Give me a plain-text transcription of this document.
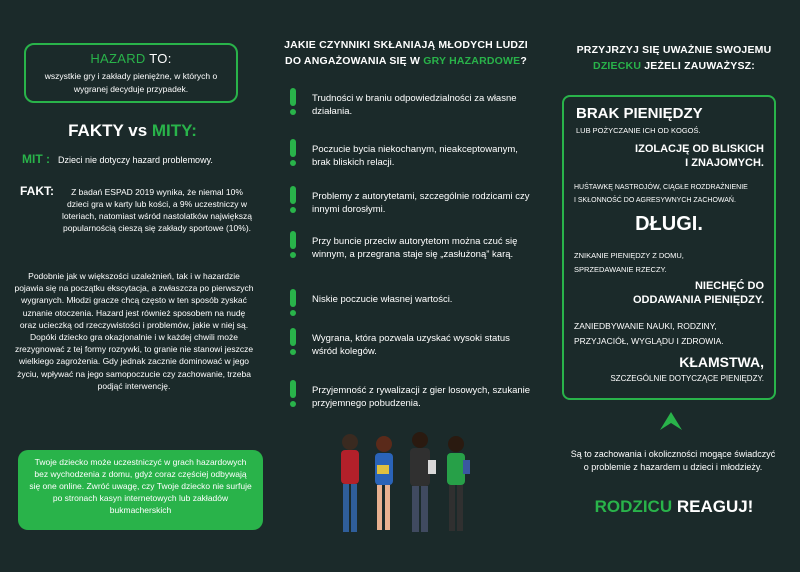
HAZARD TO:
wszystkie gry i zakłady pieniężne, w których o wygranej decyduje przypadek.
FAKTY vs MITY:
MIT : Dzieci nie dotyczy hazard problemowy.
FAKT:	Z badań ESPAD 2019 wynika, że niemal 10% dzieci gra w karty lub kości, a 9% uczestniczy w loteriach, natomiast wśród nastolatków największą popularnością cieszą się zakłady sportowe (10%).
Podobnie jak w większości uzależnień, tak i w hazardzie pojawia się na początku ekscytacja, a zwłaszcza po pierwszych wygranych. Młodzi gracze chcą często w ten sposób zyskać uznanie otoczenia. Hazard jest również sposobem na nudę oraz ucieczką od rzeczywistości i problemów, jakie w niej są. Dopóki dziecko gra okazjonalnie i w każdej chwili może zrezygnować z tej formy rozrywki, to granie nie stanowi jeszcze wielkiego zagrożenia. Gdy jednak zacznie dominować w jego życiu, wpływać na jego samopoczucie czy zachowanie, trzeba podjąć interwencję.
Twoje dziecko może uczestniczyć w grach hazardowych bez wychodzenia z domu, gdyż coraz częściej odbywają się one online. Zwróć uwagę, czy Twoje dziecko nie surfuje po stronach kasyn internetowych lub zakładów bukmacherskich
JAKIE CZYNNIKI SKŁANIAJĄ MŁODYCH LUDZI
DO ANGAŻOWANIA SIĘ W GRY HAZARDOWE?
Trudności w braniu odpowiedzialności za własne działania.
Poczucie bycia niekochanym, nieakceptowanym, brak bliskich relacji.
Problemy z autorytetami, szczególnie rodzicami czy innymi dorosłymi.
Przy buncie przeciw autorytetom można czuć się winnym, a przegrana staje się „zasłużoną” karą.
Niskie poczucie własnej wartości.
Wygrana, która pozwala uzyskać wysoki status wśród kolegów.
Przyjemność z rywalizacji z gier losowych, szukanie przyjemnego pobudzenia.
PRZYJRZYJ SIĘ UWAŻNIE SWOJEMU
DZIECKU JEŻELI ZAUWAŻYSZ:
BRAK PIENIĘDZY
LUB POŻYCZANIE ICH OD KOGOŚ.
IZOLACJĘ OD BLISKICH
I ZNAJOMYCH.
HUŚTAWKĘ NASTROJÓW, CIĄGŁE ROZDRAŻNIENIE
I SKŁONNOŚĆ DO AGRESYWNYCH ZACHOWAŃ.
DŁUGI.
ZNIKANIE PIENIĘDZY Z DOMU,
SPRZEDAWANIE RZECZY.
NIECHĘĆ DO
ODDAWANIA PIENIĘDZY.
ZANIEDBYWANIE NAUKI, RODZINY,
PRZYJACIÓŁ, WYGLĄDU I ZDROWIA.
KŁAMSTWA,
SZCZEGÓLNIE DOTYCZĄCE PIENIĘDZY.
Są to zachowania i okoliczności mogące świadczyć o problemie z hazardem u dzieci i młodzieży.
RODZICU REAGUJ!
